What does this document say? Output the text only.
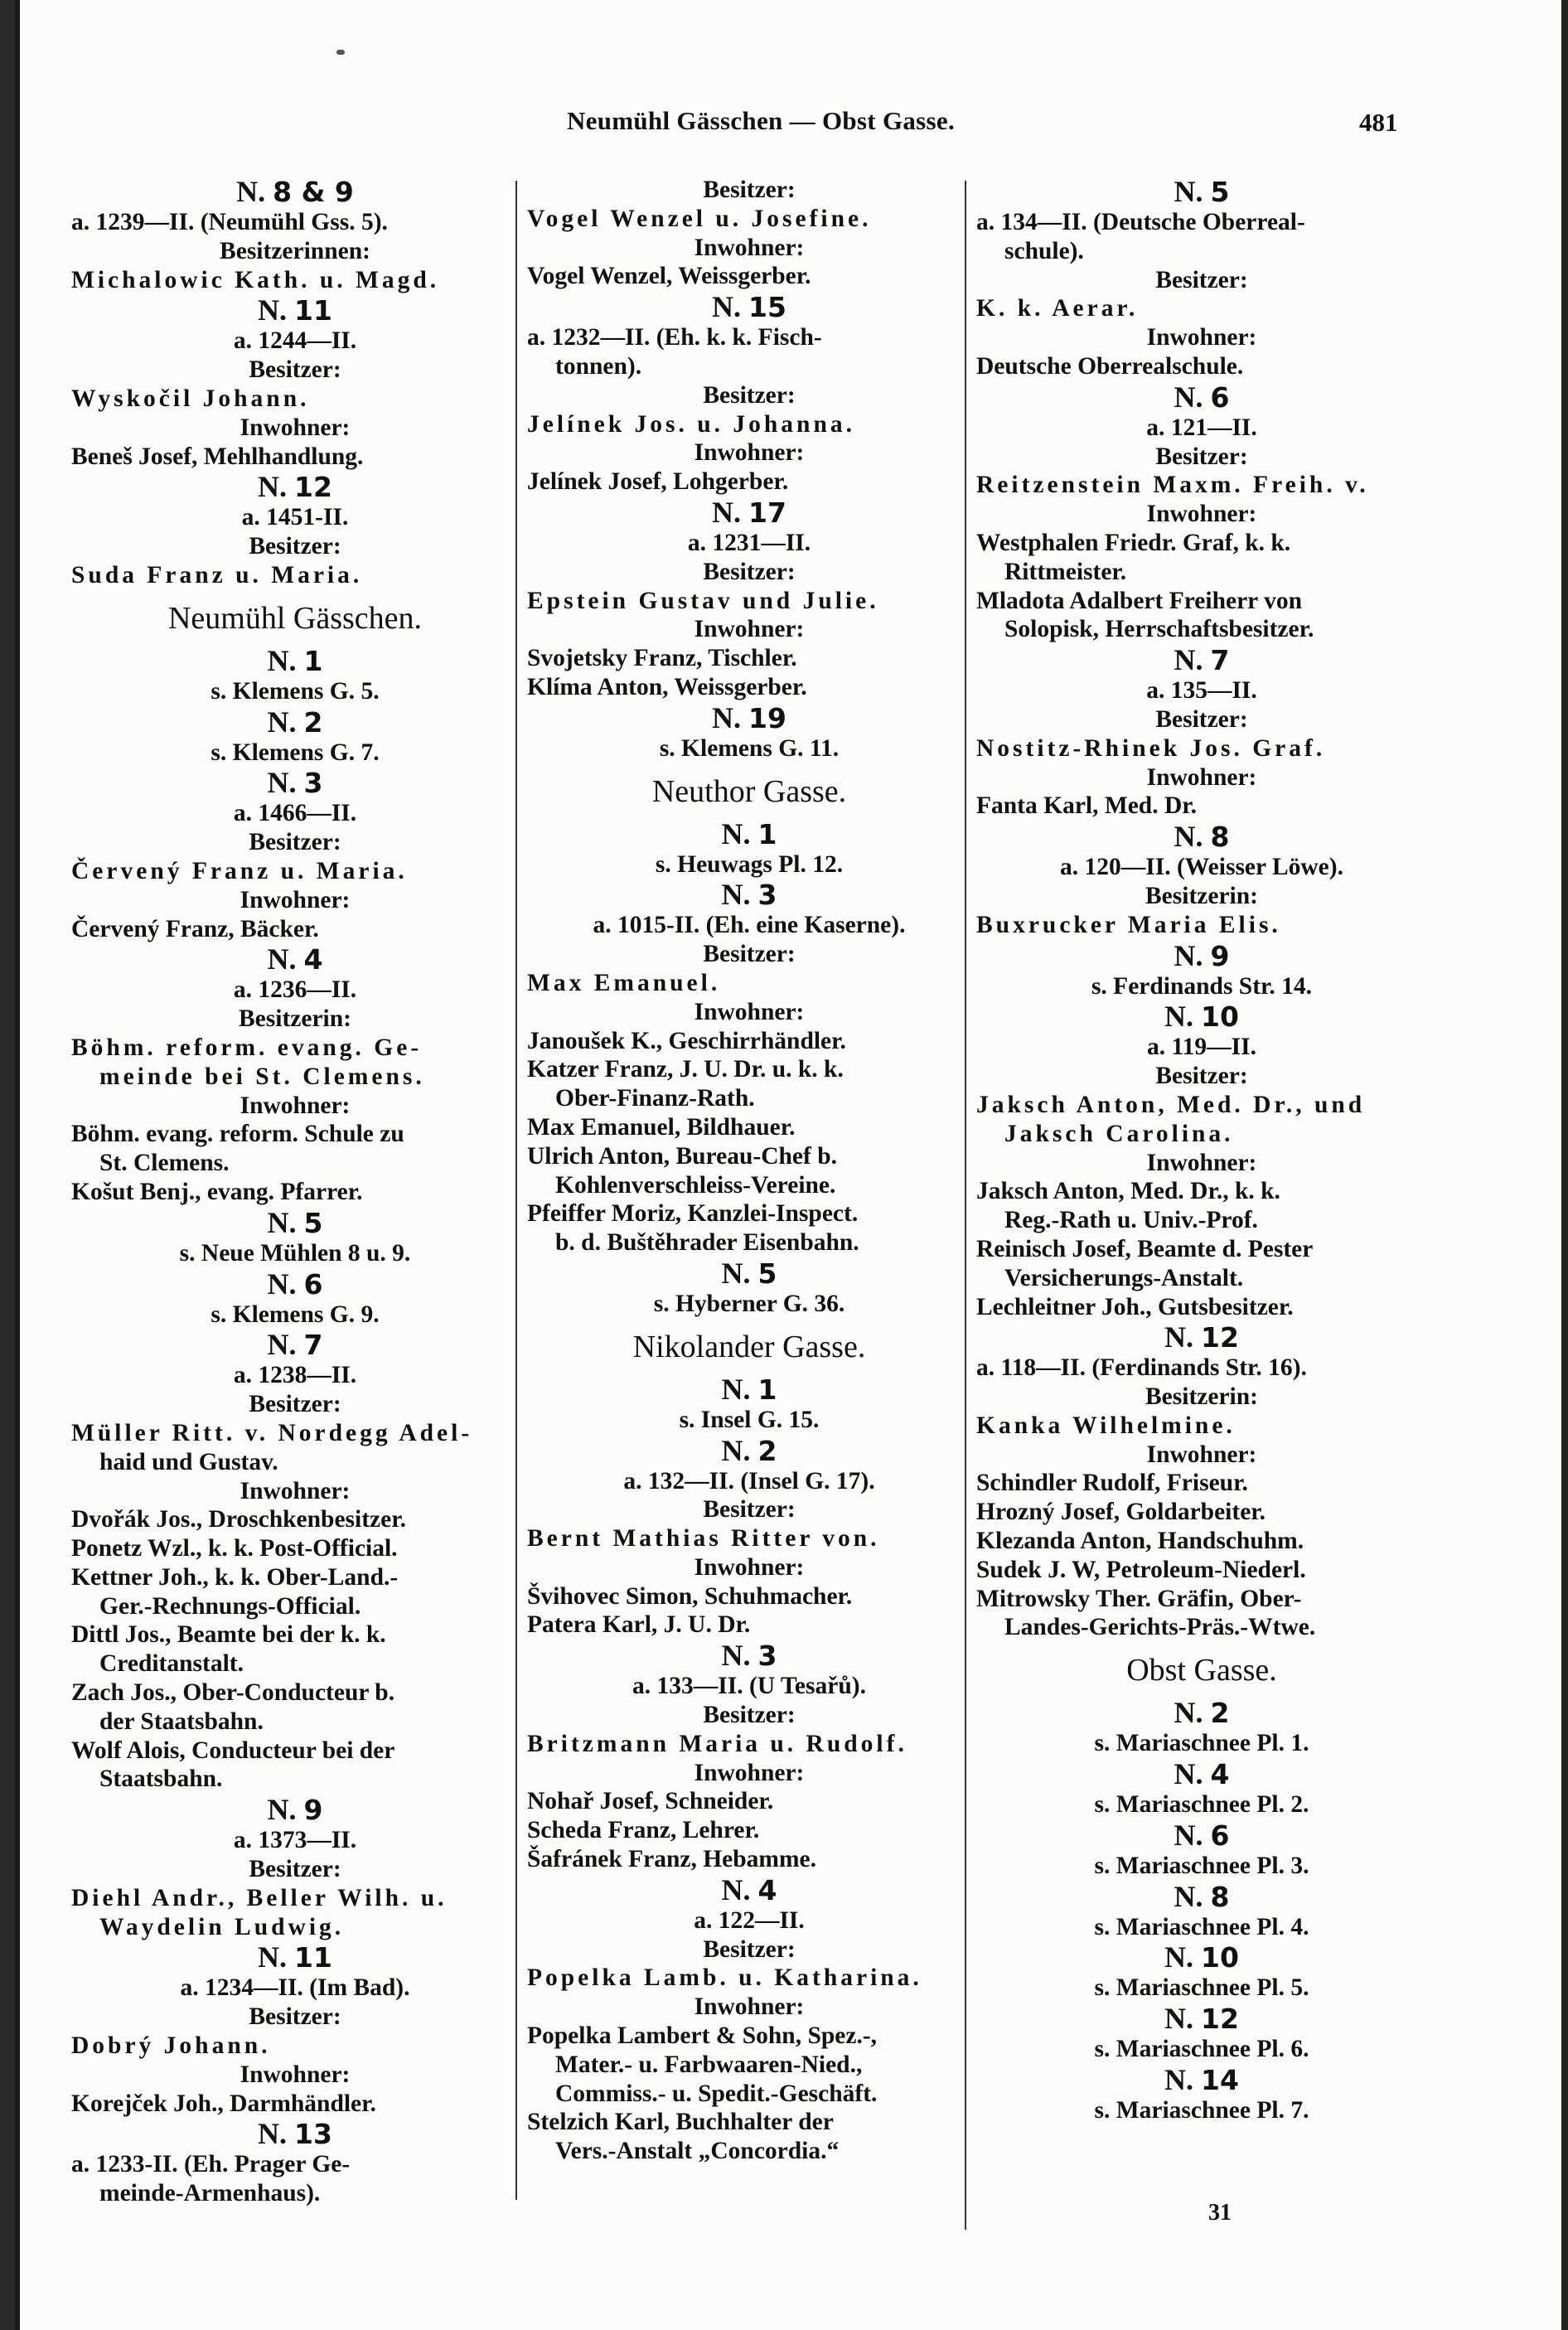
Neumühl Gässchen — Obst Gasse.	481
N. 8 & 9
a. 1239—II. (Neumühl Gss. 5).
Besitzerinnen:
Michalowic Kath. u. Magd.
N. 11
a. 1244—II.
Besitzer:
Wyskočil Johann.
Inwohner:
Beneš Josef, Mehlhandlung.
N. 12
a. 1451-II.
Besitzer:
Suda Franz u. Maria.
Neumühl Gässchen.
N. 1
s. Klemens G. 5.
N. 2
s. Klemens G. 7.
N. 3
a. 1466—II.
Besitzer:
Červený Franz u. Maria.
Inwohner:
Červený Franz, Bäcker.
N. 4
a. 1236—II.
Besitzerin:
Böhm. reform. evang. Ge-
meinde bei St. Clemens.
Inwohner:
Böhm. evang. reform. Schule zu
St. Clemens.
Košut Benj., evang. Pfarrer.
N. 5
s. Neue Mühlen 8 u. 9.
N. 6
s. Klemens G. 9.
N. 7
a. 1238—II.
Besitzer:
Müller Ritt. v. Nordegg Adel-
haid und Gustav.
Inwohner:
Dvořák Jos., Droschkenbesitzer.
Ponetz Wzl., k. k. Post-Official.
Kettner Joh., k. k. Ober-Land.-
Ger.-Rechnungs-Official.
Dittl Jos., Beamte bei der k. k.
Creditanstalt.
Zach Jos., Ober-Conducteur b.
der Staatsbahn.
Wolf Alois, Conducteur bei der
Staatsbahn.
N. 9
a. 1373—II.
Besitzer:
Diehl Andr., Beller Wilh. u.
Waydelin Ludwig.
N. 11
a. 1234—II. (Im Bad).
Besitzer:
Dobrý Johann.
Inwohner:
Korejček Joh., Darmhändler.
N. 13
a. 1233-II. (Eh. Prager Ge-
meinde-Armenhaus).
Besitzer:
Vogel Wenzel u. Josefine.
Inwohner:
Vogel Wenzel, Weissgerber.
N. 15
a. 1232—II. (Eh. k. k. Fisch-
tonnen).
Besitzer:
Jelínek Jos. u. Johanna.
Inwohner:
Jelínek Josef, Lohgerber.
N. 17
a. 1231—II.
Besitzer:
Epstein Gustav und Julie.
Inwohner:
Svojetsky Franz, Tischler.
Klíma Anton, Weissgerber.
N. 19
s. Klemens G. 11.
Neuthor Gasse.
N. 1
s. Heuwags Pl. 12.
N. 3
a. 1015-II. (Eh. eine Kaserne).
Besitzer:
Max Emanuel.
Inwohner:
Janoušek K., Geschirrhändler.
Katzer Franz, J. U. Dr. u. k. k.
Ober-Finanz-Rath.
Max Emanuel, Bildhauer.
Ulrich Anton, Bureau-Chef b.
Kohlenverschleiss-Vereine.
Pfeiffer Moriz, Kanzlei-Inspect.
b. d. Buštěhrader Eisenbahn.
N. 5
s. Hyberner G. 36.
Nikolander Gasse.
N. 1
s. Insel G. 15.
N. 2
a. 132—II. (Insel G. 17).
Besitzer:
Bernt Mathias Ritter von.
Inwohner:
Švihovec Simon, Schuhmacher.
Patera Karl, J. U. Dr.
N. 3
a. 133—II. (U Tesařů).
Besitzer:
Britzmann Maria u. Rudolf.
Inwohner:
Nohař Josef, Schneider.
Scheda Franz, Lehrer.
Šafránek Franz, Hebamme.
N. 4
a. 122—II.
Besitzer:
Popelka Lamb. u. Katharina.
Inwohner:
Popelka Lambert & Sohn, Spez.-,
Mater.- u. Farbwaaren-Nied.,
Commiss.- u. Spedit.-Geschäft.
Stelzich Karl, Buchhalter der
Vers.-Anstalt „Concordia.“
N. 5
a. 134—II. (Deutsche Oberreal-
schule).
Besitzer:
K. k. Aerar.
Inwohner:
Deutsche Oberrealschule.
N. 6
a. 121—II.
Besitzer:
Reitzenstein Maxm. Freih. v.
Inwohner:
Westphalen Friedr. Graf, k. k.
Rittmeister.
Mladota Adalbert Freiherr von
Solopisk, Herrschaftsbesitzer.
N. 7
a. 135—II.
Besitzer:
Nostitz-Rhinek Jos. Graf.
Inwohner:
Fanta Karl, Med. Dr.
N. 8
a. 120—II. (Weisser Löwe).
Besitzerin:
Buxrucker Maria Elis.
N. 9
s. Ferdinands Str. 14.
N. 10
a. 119—II.
Besitzer:
Jaksch Anton, Med. Dr., und
Jaksch Carolina.
Inwohner:
Jaksch Anton, Med. Dr., k. k.
Reg.-Rath u. Univ.-Prof.
Reinisch Josef, Beamte d. Pester
Versicherungs-Anstalt.
Lechleitner Joh., Gutsbesitzer.
N. 12
a. 118—II. (Ferdinands Str. 16).
Besitzerin:
Kanka Wilhelmine.
Inwohner:
Schindler Rudolf, Friseur.
Hrozný Josef, Goldarbeiter.
Klezanda Anton, Handschuhm.
Sudek J. W, Petroleum-Niederl.
Mitrowsky Ther. Gräfin, Ober-
Landes-Gerichts-Präs.-Wtwe.
Obst Gasse.
N. 2
s. Mariaschnee Pl. 1.
N. 4
s. Mariaschnee Pl. 2.
N. 6
s. Mariaschnee Pl. 3.
N. 8
s. Mariaschnee Pl. 4.
N. 10
s. Mariaschnee Pl. 5.
N. 12
s. Mariaschnee Pl. 6.
N. 14
s. Mariaschnee Pl. 7.
31
